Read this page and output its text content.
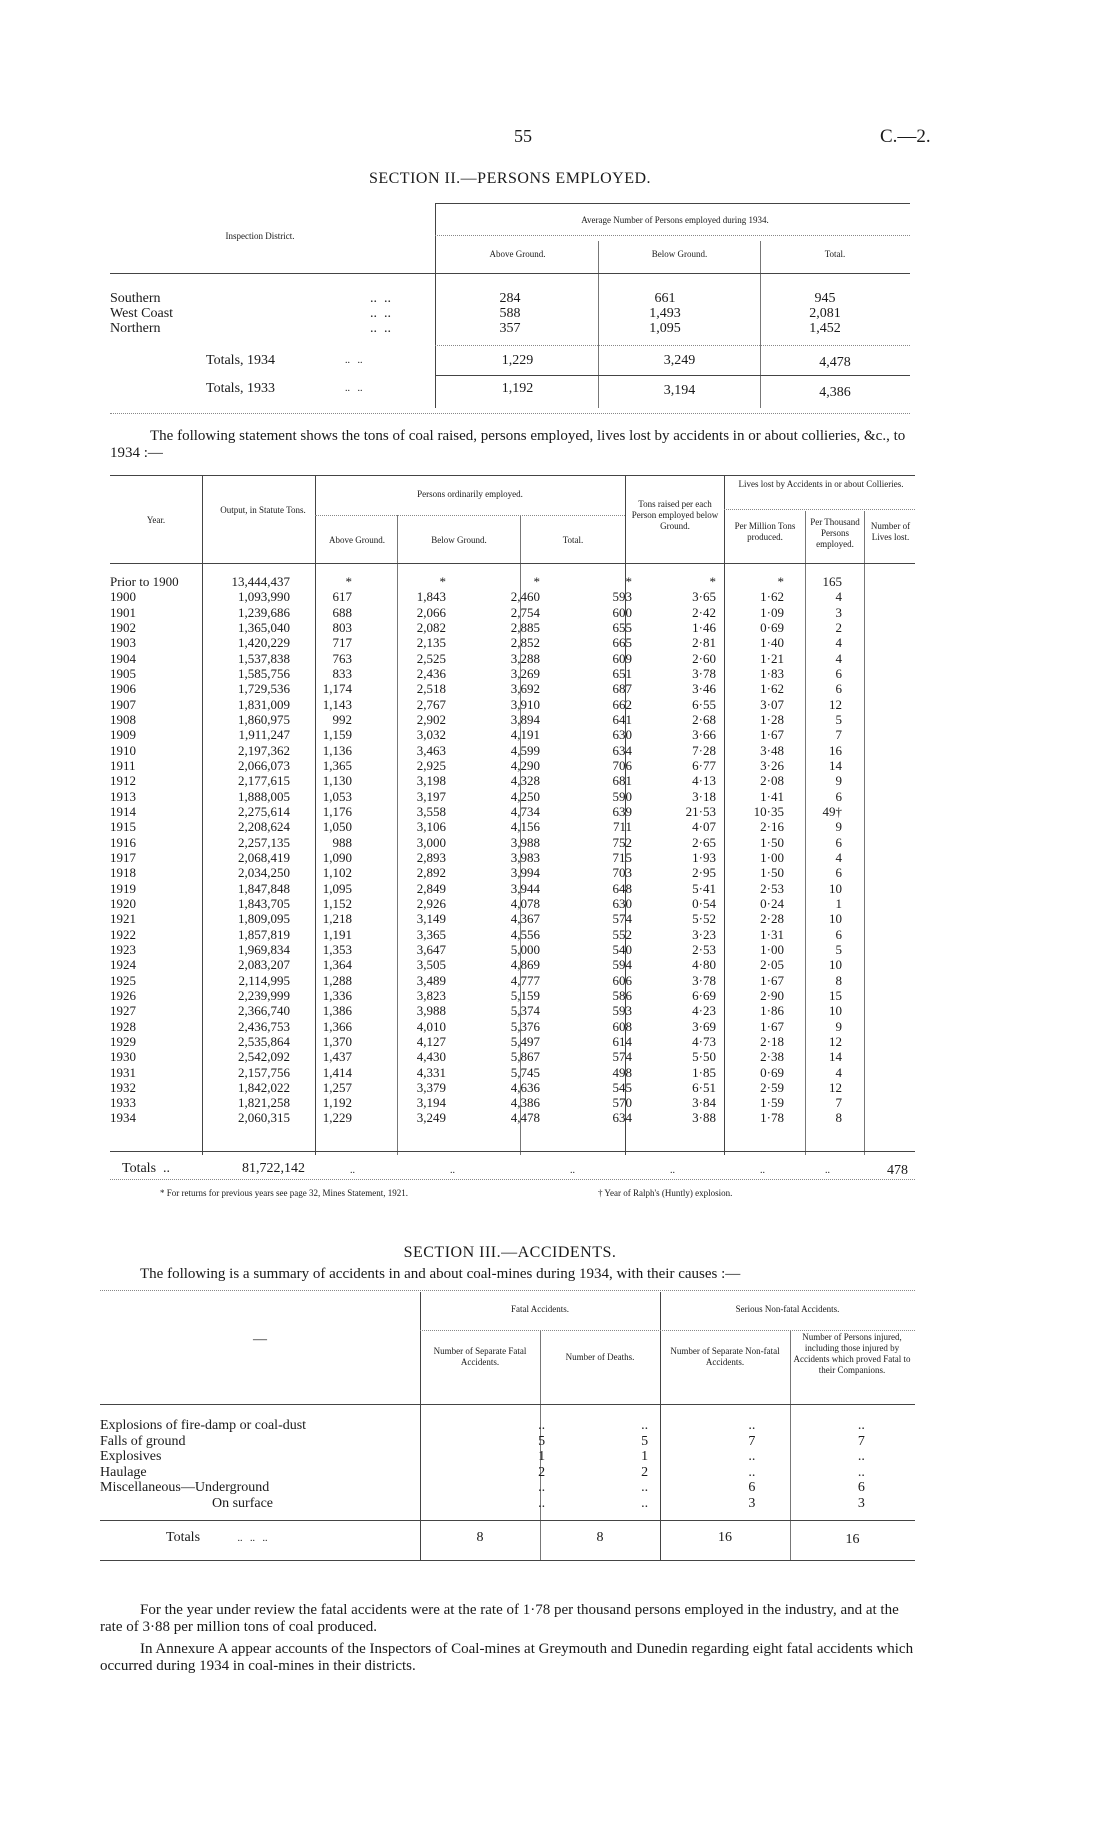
55	C.—2.
SECTION II.—PERSONS EMPLOYED.
Inspection District.
Average Number of Persons employed during 1934.
Above Ground.	Below Ground.	Total.
Southern	..  ..	284	661	945
West Coast	..  ..	588	1,493	2,081
Northern	..  ..	357	1,095	1,452
Totals, 1934	..   ..	1,229	3,249	4,478
Totals, 1933	..   ..	1,192	3,194	4,386
The following statement shows the tons of coal raised, persons employed, lives lost by accidents in or about collieries, &c., to 1934 :—
Year.
Output, in Statute Tons.
Persons ordinarily employed.
Above Ground.	Below Ground.	Total.
Tons raised per each Person employed below Ground.
Lives lost by Accidents in or about Collieries.
Per Million Tons produced.
Per Thousand Persons employed.
Number of Lives lost.
Prior to 1900	13,444,437	*	*	*	*	*	*	165
1900	1,093,990	617	1,843	2,460	593	3·65	1·62	4
1901	1,239,686	688	2,066	2,754	600	2·42	1·09	3
1902	1,365,040	803	2,082	2,885	655	1·46	0·69	2
1903	1,420,229	717	2,135	2,852	665	2·81	1·40	4
1904	1,537,838	763	2,525	3,288	609	2·60	1·21	4
1905	1,585,756	833	2,436	3,269	651	3·78	1·83	6
1906	1,729,536	1,174	2,518	3,692	687	3·46	1·62	6
1907	1,831,009	1,143	2,767	3,910	662	6·55	3·07	12
1908	1,860,975	992	2,902	3,894	641	2·68	1·28	5
1909	1,911,247	1,159	3,032	4,191	630	3·66	1·67	7
1910	2,197,362	1,136	3,463	4,599	634	7·28	3·48	16
1911	2,066,073	1,365	2,925	4,290	706	6·77	3·26	14
1912	2,177,615	1,130	3,198	4,328	681	4·13	2·08	9
1913	1,888,005	1,053	3,197	4,250	590	3·18	1·41	6
1914	2,275,614	1,176	3,558	4,734	639	21·53	10·35	49†
1915	2,208,624	1,050	3,106	4,156	711	4·07	2·16	9
1916	2,257,135	988	3,000	3,988	752	2·65	1·50	6
1917	2,068,419	1,090	2,893	3,983	715	1·93	1·00	4
1918	2,034,250	1,102	2,892	3,994	703	2·95	1·50	6
1919	1,847,848	1,095	2,849	3,944	648	5·41	2·53	10
1920	1,843,705	1,152	2,926	4,078	630	0·54	0·24	1
1921	1,809,095	1,218	3,149	4,367	574	5·52	2·28	10
1922	1,857,819	1,191	3,365	4,556	552	3·23	1·31	6
1923	1,969,834	1,353	3,647	5,000	540	2·53	1·00	5
1924	2,083,207	1,364	3,505	4,869	594	4·80	2·05	10
1925	2,114,995	1,288	3,489	4,777	606	3·78	1·67	8
1926	2,239,999	1,336	3,823	5,159	586	6·69	2·90	15
1927	2,366,740	1,386	3,988	5,374	593	4·23	1·86	10
1928	2,436,753	1,366	4,010	5,376	608	3·69	1·67	9
1929	2,535,864	1,370	4,127	5,497	614	4·73	2·18	12
1930	2,542,092	1,437	4,430	5,867	574	5·50	2·38	14
1931	2,157,756	1,414	4,331	5,745	498	1·85	0·69	4
1932	1,842,022	1,257	3,379	4,636	545	6·51	2·59	12
1933	1,821,258	1,192	3,194	4,386	570	3·84	1·59	7
1934	2,060,315	1,229	3,249	4,478	634	3·88	1·78	8
Totals  ..	81,722,142	..	..	..	..	..	..	478
* For returns for previous years see page 32, Mines Statement, 1921.	† Year of Ralph's (Huntly) explosion.
SECTION III.—ACCIDENTS.
The following is a summary of accidents in and about coal-mines during 1934, with their causes :—
—
Fatal Accidents.	Serious Non-fatal Accidents.
Number of Separate Fatal Accidents.	Number of Deaths.
Number of Separate Non-fatal Accidents.
Number of Persons injured, including those injured by Accidents which proved Fatal to their Companions.
Explosions of fire-damp or coal-dust	..	..	..	..
Falls of ground	5	5	7	7
Explosives	1	1	..	..
Haulage	2	2	..	..
Miscellaneous—Underground	..	..	6	6
On surface	..	..	3	3
Totals	..   ..   ..	8	8	16	16
For the year under review the fatal accidents were at the rate of 1·78 per thousand persons employed in the industry, and at the rate of 3·88 per million tons of coal produced.
In Annexure A appear accounts of the Inspectors of Coal-mines at Greymouth and Dunedin regarding eight fatal accidents which occurred during 1934 in coal-mines in their districts.
